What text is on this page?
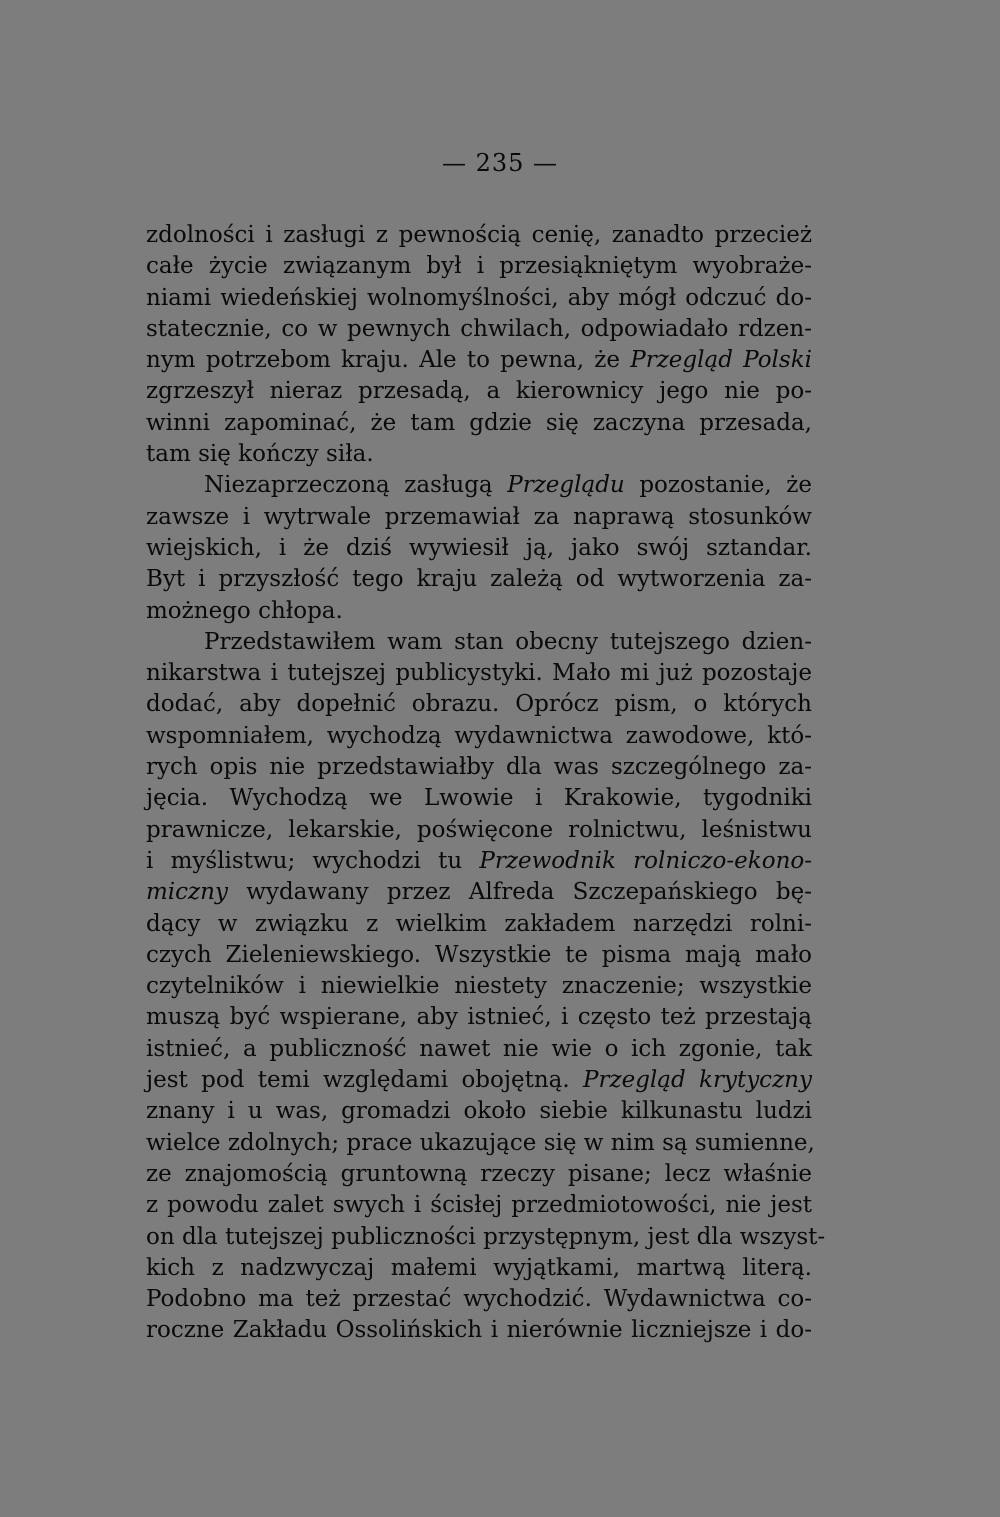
— 235 —
zdolności i zasługi z pewnością cenię, zanadto przecież
całe życie związanym był i przesiąkniętym wyobraże-
niami wiedeńskiej wolnomyślności, aby mógł odczuć do-
statecznie, co w pewnych chwilach, odpowiadało rdzen-
nym potrzebom kraju. Ale to pewna, że Przegląd Polski
zgrzeszył nieraz przesadą, a kierownicy jego nie po-
winni zapominać, że tam gdzie się zaczyna przesada,
tam się kończy siła.
Niezaprzeczoną zasługą Przeglądu pozostanie, że
zawsze i wytrwale przemawiał za naprawą stosunków
wiejskich, i że dziś wywiesił ją, jako swój sztandar.
Byt i przyszłość tego kraju zależą od wytworzenia za-
możnego chłopa.
Przedstawiłem wam stan obecny tutejszego dzien-
nikarstwa i tutejszej publicystyki. Mało mi już pozostaje
dodać, aby dopełnić obrazu. Oprócz pism, o których
wspomniałem, wychodzą wydawnictwa zawodowe, któ-
rych opis nie przedstawiałby dla was szczególnego za-
jęcia. Wychodzą we Lwowie i Krakowie, tygodniki
prawnicze, lekarskie, poświęcone rolnictwu, leśnistwu
i myślistwu; wychodzi tu Przewodnik rolniczo-ekono-
miczny wydawany przez Alfreda Szczepańskiego bę-
dący w związku z wielkim zakładem narzędzi rolni-
czych Zieleniewskiego. Wszystkie te pisma mają mało
czytelników i niewielkie niestety znaczenie; wszystkie
muszą być wspierane, aby istnieć, i często też przestają
istnieć, a publiczność nawet nie wie o ich zgonie, tak
jest pod temi względami obojętną. Przegląd krytyczny
znany i u was, gromadzi około siebie kilkunastu ludzi
wielce zdolnych; prace ukazujące się w nim są sumienne,
ze znajomością gruntowną rzeczy pisane; lecz właśnie
z powodu zalet swych i ścisłej przedmiotowości, nie jest
on dla tutejszej publiczności przystępnym, jest dla wszyst-
kich z nadzwyczaj małemi wyjątkami, martwą literą.
Podobno ma też przestać wychodzić. Wydawnictwa co-
roczne Zakładu Ossolińskich i nierównie liczniejsze i do-
